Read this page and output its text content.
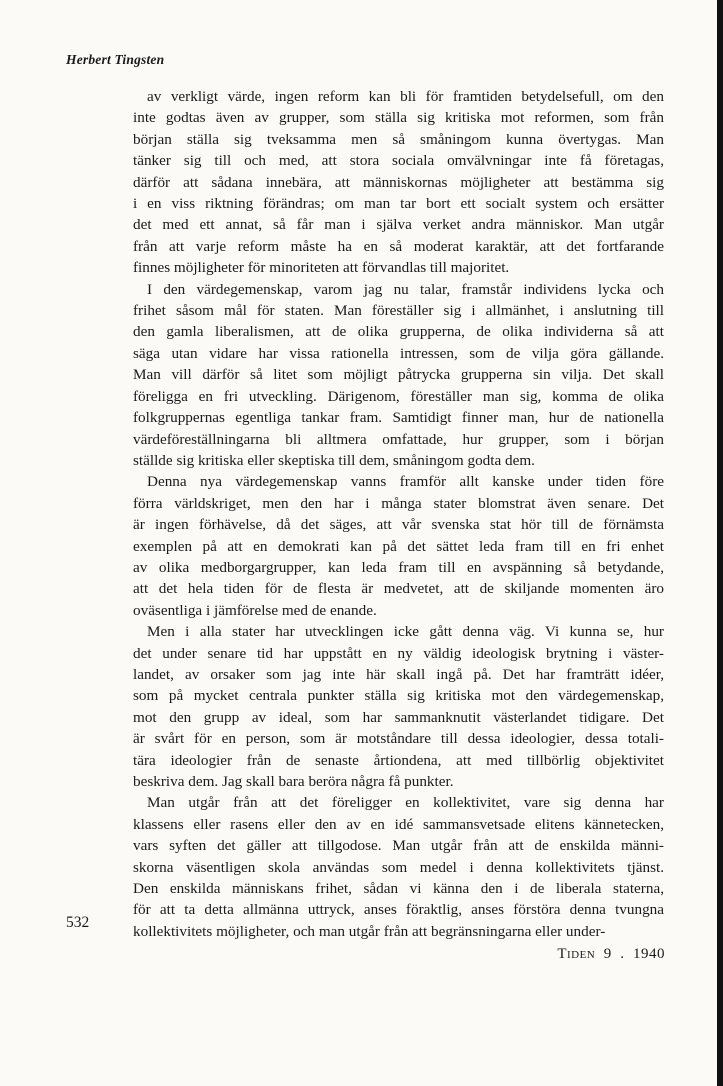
Herbert Tingsten
av verkligt värde, ingen reform kan bli för framtiden betydelsefull, om den
inte godtas även av grupper, som ställa sig kritiska mot reformen, som från
början ställa sig tveksamma men så småningom kunna övertygas. Man
tänker sig till och med, att stora sociala omvälvningar inte få företagas,
därför att sådana innebära, att människornas möjligheter att bestämma sig
i en viss riktning förändras; om man tar bort ett socialt system och ersätter
det med ett annat, så får man i själva verket andra människor. Man utgår
från att varje reform måste ha en så moderat karaktär, att det fortfarande
finnes möjligheter för minoriteten att förvandlas till majoritet.
I den värdegemenskap, varom jag nu talar, framstår individens lycka och
frihet såsom mål för staten. Man föreställer sig i allmänhet, i anslutning till
den gamla liberalismen, att de olika grupperna, de olika individerna så att
säga utan vidare har vissa rationella intressen, som de vilja göra gällande.
Man vill därför så litet som möjligt påtrycka grupperna sin vilja. Det skall
föreligga en fri utveckling. Därigenom, föreställer man sig, komma de olika
folkgruppernas egentliga tankar fram. Samtidigt finner man, hur de nationella
värdeföreställningarna bli alltmera omfattade, hur grupper, som i början
ställde sig kritiska eller skeptiska till dem, småningom godta dem.
Denna nya värdegemenskap vanns framför allt kanske under tiden före
förra världskriget, men den har i många stater blomstrat även senare. Det
är ingen förhävelse, då det säges, att vår svenska stat hör till de förnämsta
exemplen på att en demokrati kan på det sättet leda fram till en fri enhet
av olika medborgargrupper, kan leda fram till en avspänning så betydande,
att det hela tiden för de flesta är medvetet, att de skiljande momenten äro
oväsentliga i jämförelse med de enande.
Men i alla stater har utvecklingen icke gått denna väg. Vi kunna se, hur
det under senare tid har uppstått en ny väldig ideologisk brytning i väster-
landet, av orsaker som jag inte här skall ingå på. Det har framträtt idéer,
som på mycket centrala punkter ställa sig kritiska mot den värdegemenskap,
mot den grupp av ideal, som har sammanknutit västerlandet tidigare. Det
är svårt för en person, som är motståndare till dessa ideologier, dessa totali-
tära ideologier från de senaste årtiondena, att med tillbörlig objektivitet
beskriva dem. Jag skall bara beröra några få punkter.
Man utgår från att det föreligger en kollektivitet, vare sig denna har
klassens eller rasens eller den av en idé sammansvetsade elitens kännetecken,
vars syften det gäller att tillgodose. Man utgår från att de enskilda männi-
skorna väsentligen skola användas som medel i denna kollektivitets tjänst.
Den enskilda människans frihet, sådan vi känna den i de liberala staterna,
för att ta detta allmänna uttryck, anses föraktlig, anses förstöra denna tvungna
kollektivitets möjligheter, och man utgår från att begränsningarna eller under-
532
Tiden 9 . 1940
